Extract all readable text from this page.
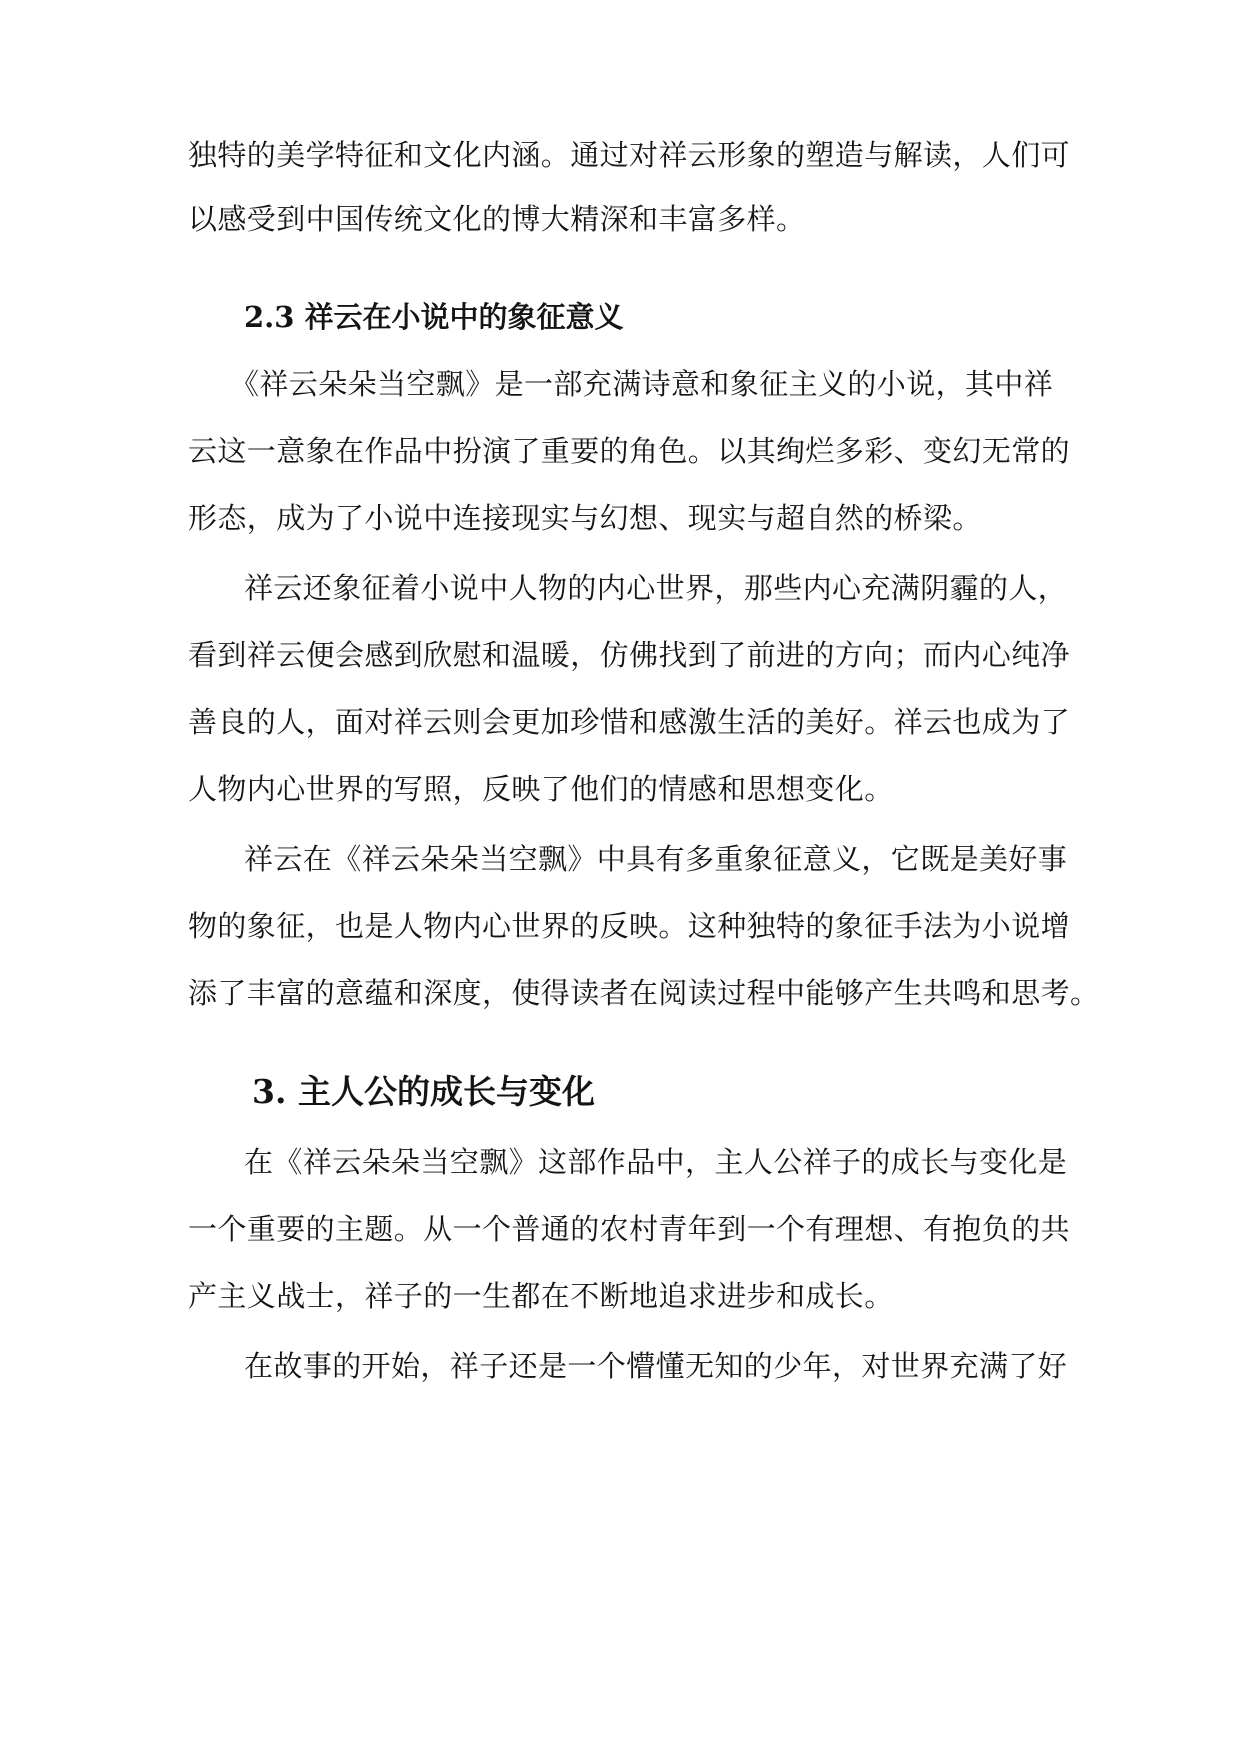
独特的美学特征和文化内涵。通过对祥云形象的塑造与解读，人们可
以感受到中国传统文化的博大精深和丰富多样。
2.3 祥云在小说中的象征意义
《祥云朵朵当空飘》是一部充满诗意和象征主义的小说，其中祥
云这一意象在作品中扮演了重要的角色。以其绚烂多彩、变幻无常的
形态，成为了小说中连接现实与幻想、现实与超自然的桥梁。
祥云还象征着小说中人物的内心世界，那些内心充满阴霾的人，
看到祥云便会感到欣慰和温暖，仿佛找到了前进的方向；而内心纯净
善良的人，面对祥云则会更加珍惜和感激生活的美好。祥云也成为了
人物内心世界的写照，反映了他们的情感和思想变化。
祥云在《祥云朵朵当空飘》中具有多重象征意义，它既是美好事
物的象征，也是人物内心世界的反映。这种独特的象征手法为小说增
添了丰富的意蕴和深度，使得读者在阅读过程中能够产生共鸣和思考。
3. 主人公的成长与变化
在《祥云朵朵当空飘》这部作品中，主人公祥子的成长与变化是
一个重要的主题。从一个普通的农村青年到一个有理想、有抱负的共
产主义战士，祥子的一生都在不断地追求进步和成长。
在故事的开始，祥子还是一个懵懂无知的少年，对世界充满了好
